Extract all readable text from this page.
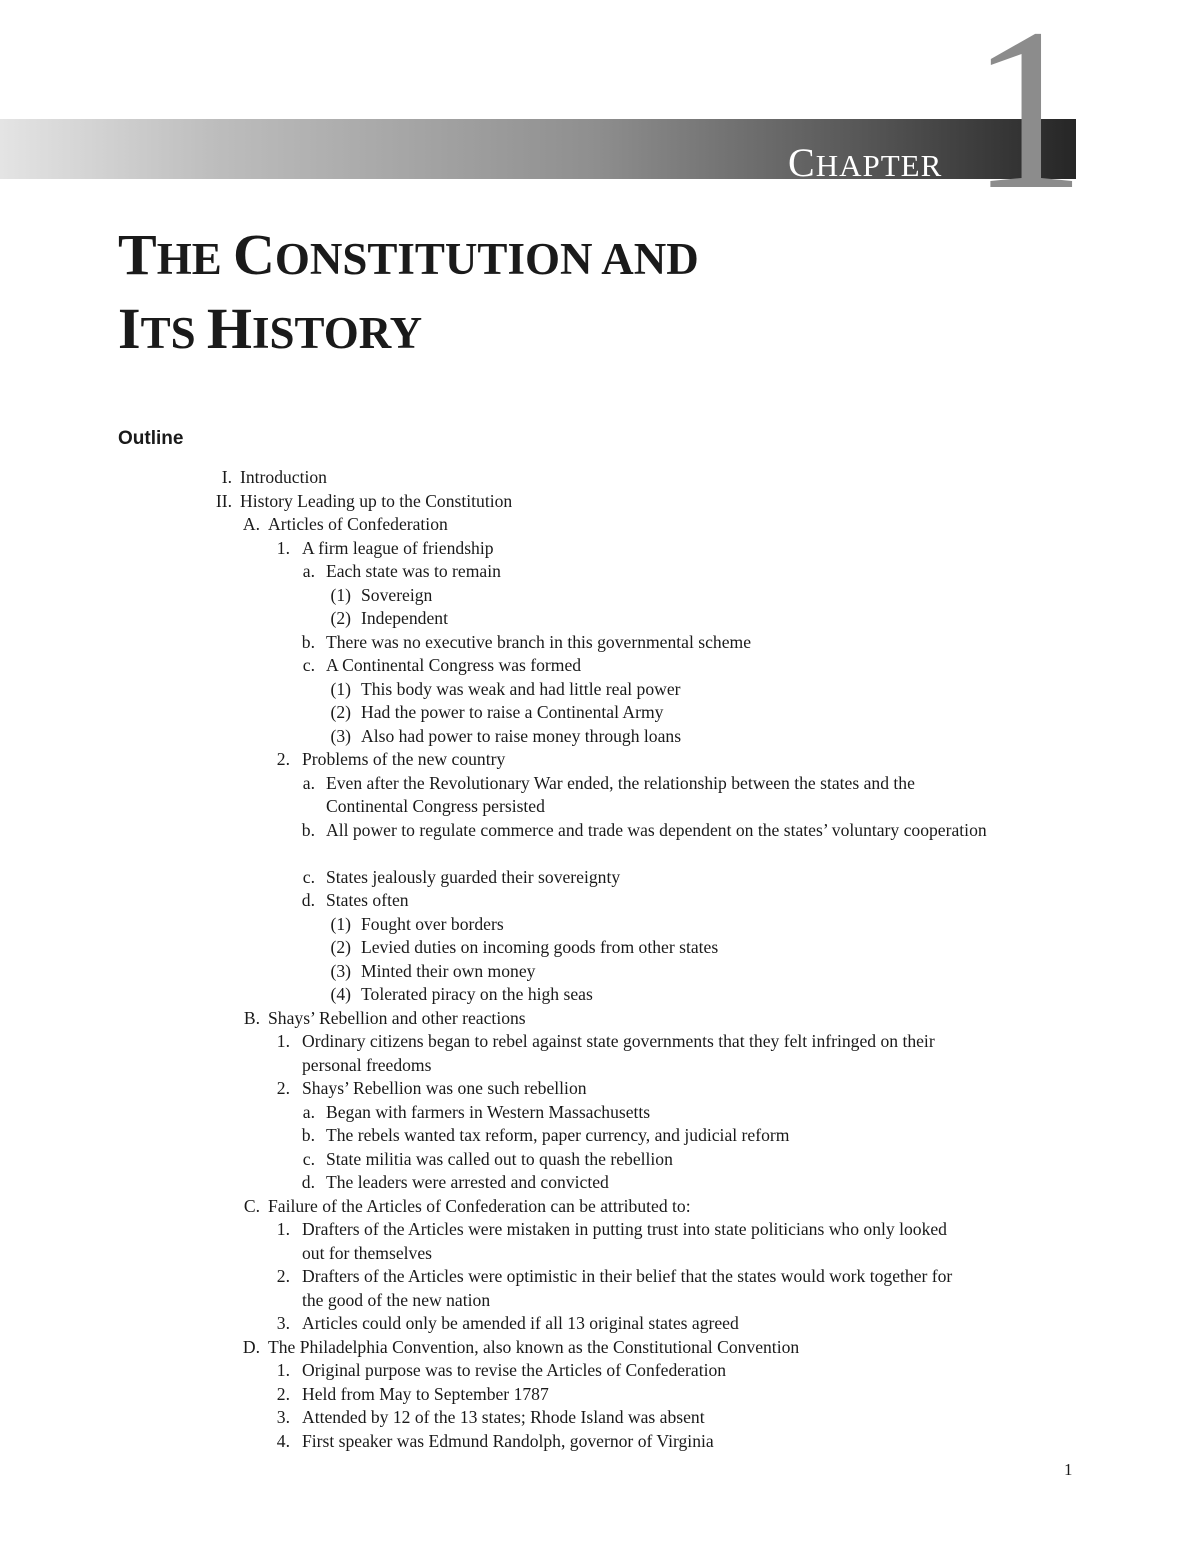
1
CHAPTER
THE CONSTITUTION AND
ITS HISTORY
Outline
I. Introduction
II. History Leading up to the Constitution
A. Articles of Confederation
1. A firm league of friendship
a. Each state was to remain
(1) Sovereign
(2) Independent
b. There was no executive branch in this governmental scheme
c. A Continental Congress was formed
(1) This body was weak and had little real power
(2) Had the power to raise a Continental Army
(3) Also had power to raise money through loans
2. Problems of the new country
a. Even after the Revolutionary War ended, the relationship between the states and the
Continental Congress persisted
b. All power to regulate commerce and trade was dependent on the states’ voluntary cooperation
c. States jealously guarded their sovereignty
d. States often
(1) Fought over borders
(2) Levied duties on incoming goods from other states
(3) Minted their own money
(4) Tolerated piracy on the high seas
B. Shays’ Rebellion and other reactions
1. Ordinary citizens began to rebel against state governments that they felt infringed on their
personal freedoms
2. Shays’ Rebellion was one such rebellion
a. Began with farmers in Western Massachusetts
b. The rebels wanted tax reform, paper currency, and judicial reform
c. State militia was called out to quash the rebellion
d. The leaders were arrested and convicted
C. Failure of the Articles of Confederation can be attributed to:
1. Drafters of the Articles were mistaken in putting trust into state politicians who only looked
out for themselves
2. Drafters of the Articles were optimistic in their belief that the states would work together for
the good of the new nation
3. Articles could only be amended if all 13 original states agreed
D. The Philadelphia Convention, also known as the Constitutional Convention
1. Original purpose was to revise the Articles of Confederation
2. Held from May to September 1787
3. Attended by 12 of the 13 states; Rhode Island was absent
4. First speaker was Edmund Randolph, governor of Virginia
1
